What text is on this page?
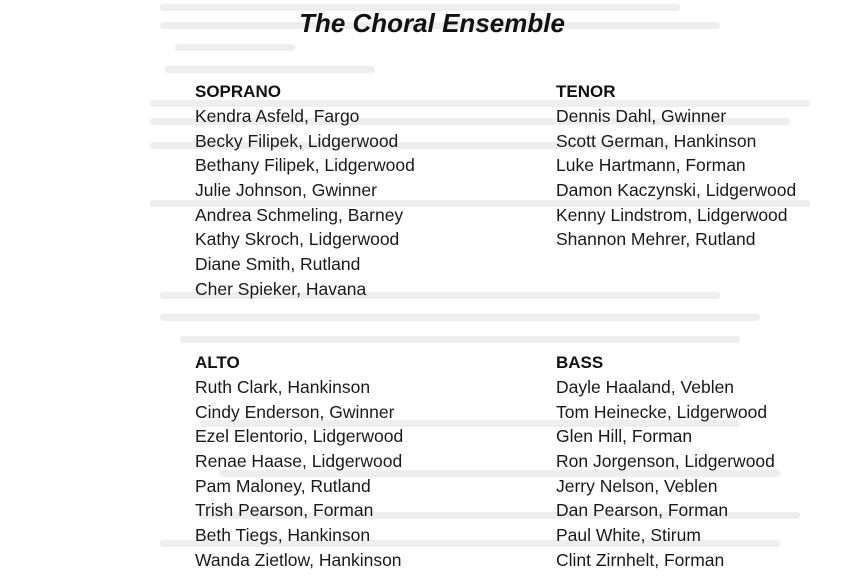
The Choral Ensemble
SOPRANO
Kendra Asfeld, Fargo
Becky Filipek, Lidgerwood
Bethany Filipek, Lidgerwood
Julie Johnson, Gwinner
Andrea Schmeling, Barney
Kathy Skroch, Lidgerwood
Diane Smith, Rutland
Cher Spieker, Havana
TENOR
Dennis Dahl, Gwinner
Scott German, Hankinson
Luke Hartmann, Forman
Damon Kaczynski, Lidgerwood
Kenny Lindstrom, Lidgerwood
Shannon Mehrer, Rutland
ALTO
Ruth Clark, Hankinson
Cindy Enderson, Gwinner
Ezel Elentorio, Lidgerwood
Renae Haase, Lidgerwood
Pam Maloney, Rutland
Trish Pearson, Forman
Beth Tiegs, Hankinson
Wanda Zietlow, Hankinson
BASS
Dayle Haaland, Veblen
Tom Heinecke, Lidgerwood
Glen Hill, Forman
Ron Jorgenson, Lidgerwood
Jerry Nelson, Veblen
Dan Pearson, Forman
Paul White, Stirum
Clint Zirnhelt, Forman
